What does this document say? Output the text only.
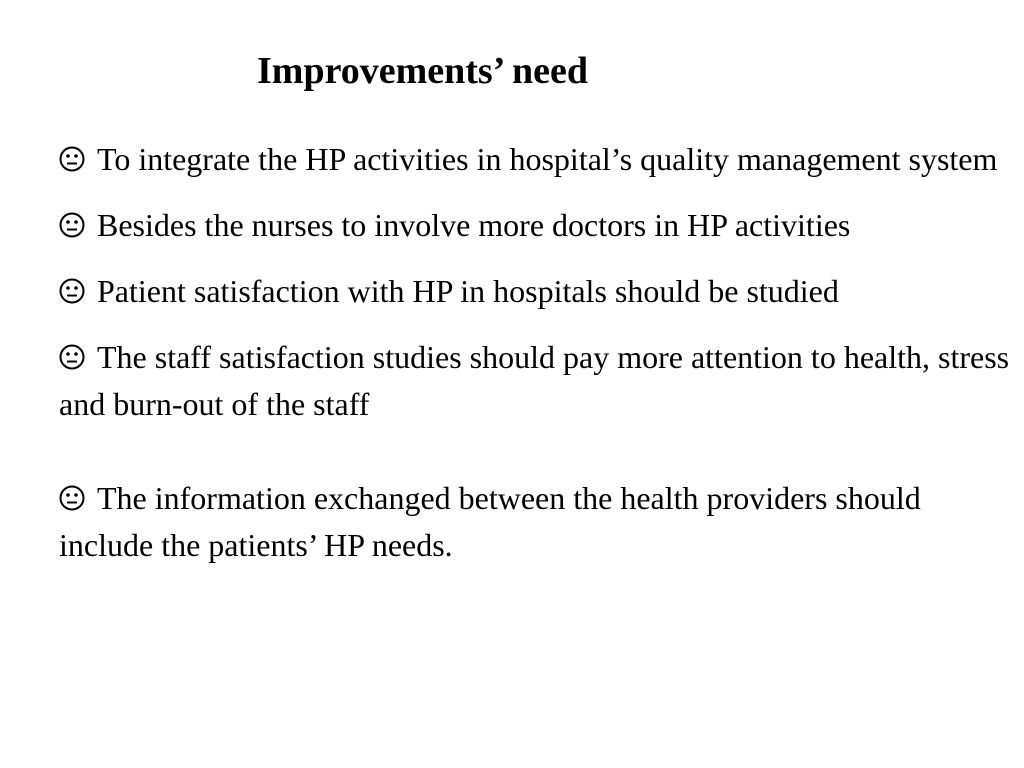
Improvements’ need
To integrate the HP activities in hospital’s quality management system
Besides the nurses to involve more doctors in HP activities
Patient satisfaction with HP in hospitals should be studied
The staff satisfaction studies should pay more attention to health, stress and burn-out of the staff
The information exchanged between the health providers should include the patients’ HP needs.
